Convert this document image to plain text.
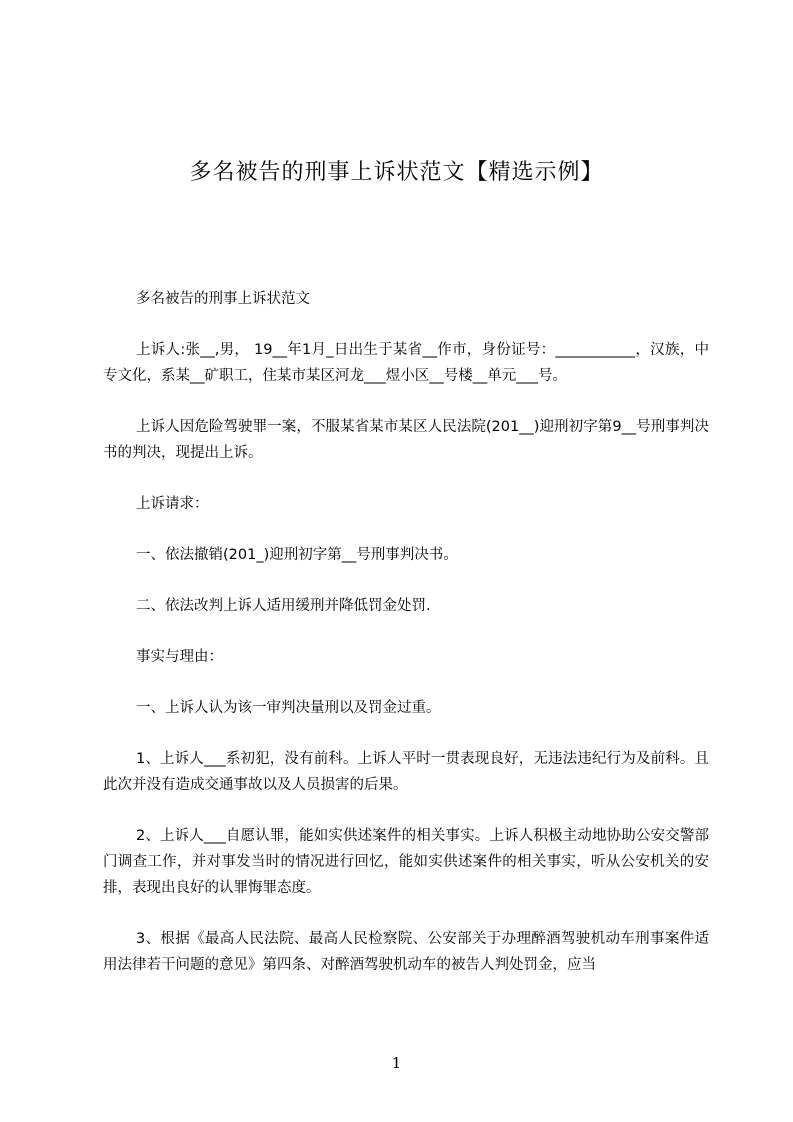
多名被告的刑事上诉状范文【精选示例】

多名被告的刑事上诉状范文

上诉人:张__,男， 19__年1月_日出生于某省__作市，身份证号：___________，汉族，中专文化，系某__矿职工，住某市某区河龙___煜小区__号楼__单元___号。

上诉人因危险驾驶罪一案，不服某省某市某区人民法院(201__)迎刑初字第9__号刑事判决书的判决，现提出上诉。

上诉请求：

一、依法撤销(201_)迎刑初字第__号刑事判决书。

二、依法改判上诉人适用缓刑并降低罚金处罚.

事实与理由：

一、上诉人认为该一审判决量刑以及罚金过重。

1、上诉人___系初犯，没有前科。上诉人平时一贯表现良好，无违法违纪行为及前科。且此次并没有造成交通事故以及人员损害的后果。

2、上诉人___自愿认罪，能如实供述案件的相关事实。上诉人积极主动地协助公安交警部门调查工作，并对事发当时的情况进行回忆，能如实供述案件的相关事实，听从公安机关的安排，表现出良好的认罪悔罪态度。

3、根据《最高人民法院、最高人民检察院、公安部关于办理醉酒驾驶机动车刑事案件适用法律若干问题的意见》第四条、对醉酒驾驶机动车的被告人判处罚金，应当

1
